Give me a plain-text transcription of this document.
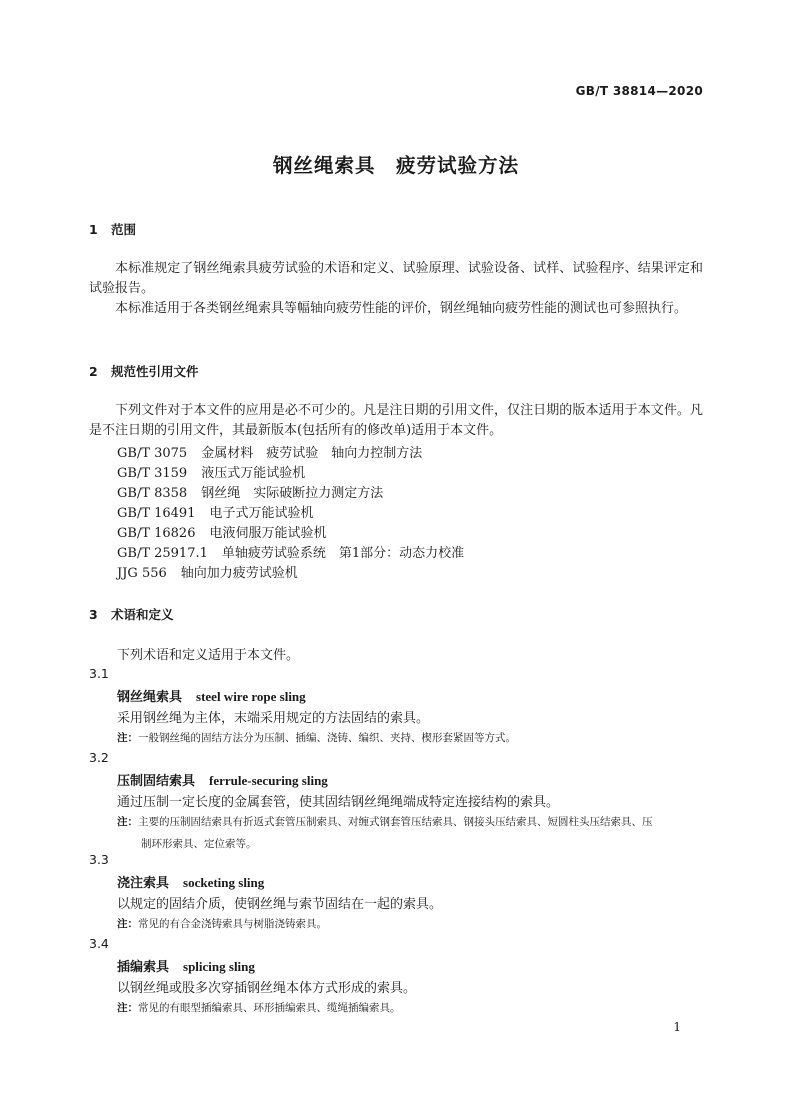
GB/T 38814—2020
钢丝绳索具　疲劳试验方法
1 范围
本标准规定了钢丝绳索具疲劳试验的术语和定义、试验原理、试验设备、试样、试验程序、结果评定和试验报告。
本标准适用于各类钢丝绳索具等幅轴向疲劳性能的评价，钢丝绳轴向疲劳性能的测试也可参照执行。
2 规范性引用文件
下列文件对于本文件的应用是必不可少的。凡是注日期的引用文件，仅注日期的版本适用于本文件。凡是不注日期的引用文件，其最新版本(包括所有的修改单)适用于本文件。
GB/T 3075 金属材料　疲劳试验　轴向力控制方法
GB/T 3159 液压式万能试验机
GB/T 8358 钢丝绳　实际破断拉力测定方法
GB/T 16491 电子式万能试验机
GB/T 16826 电液伺服万能试验机
GB/T 25917.1 单轴疲劳试验系统　第1部分：动态力校准
JJG 556 轴向加力疲劳试验机
3 术语和定义
下列术语和定义适用于本文件。
3.1
钢丝绳索具 steel wire rope sling
采用钢丝绳为主体，末端采用规定的方法固结的索具。
注：一般钢丝绳的固结方法分为压制、插编、浇铸、编织、夹持、楔形套紧固等方式。
3.2
压制固结索具 ferrule-securing sling
通过压制一定长度的金属套管，使其固结钢丝绳绳端成特定连接结构的索具。
注：主要的压制固结索具有折返式套管压制索具、对缠式钢套管压结索具、钢接头压结索具、短圆柱头压结索具、压
制环形索具、定位索等。
3.3
浇注索具 socketing sling
以规定的固结介质，使钢丝绳与索节固结在一起的索具。
注：常见的有合金浇铸索具与树脂浇铸索具。
3.4
插编索具 splicing sling
以钢丝绳或股多次穿插钢丝绳本体方式形成的索具。
注：常见的有眼型插编索具、环形插编索具、缆绳插编索具。
1
